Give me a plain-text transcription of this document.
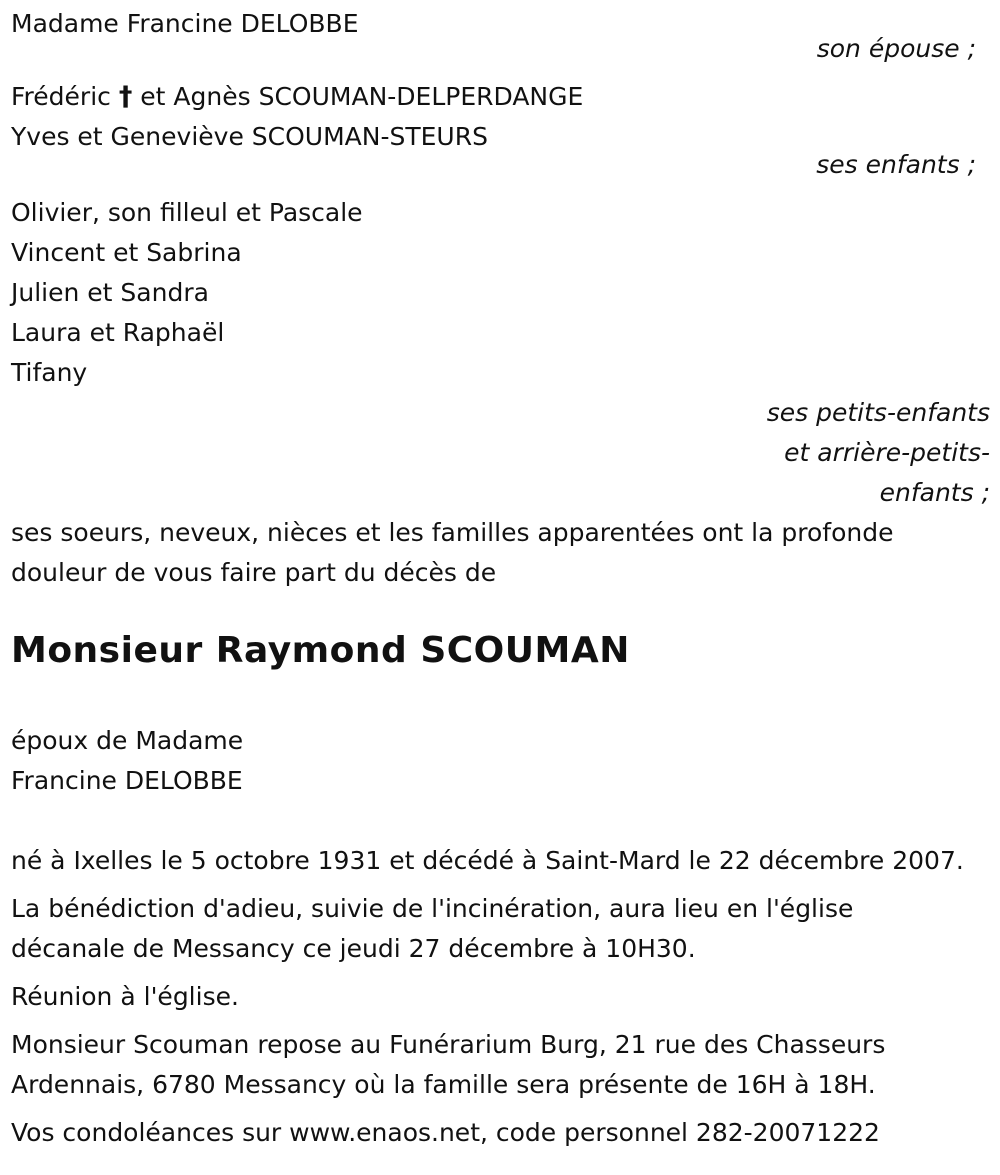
Madame Francine DELOBBE
son épouse ;
Frédéric † et Agnès SCOUMAN-DELPERDANGE
Yves et Geneviève SCOUMAN-STEURS
ses enfants ;
Olivier, son filleul et Pascale
Vincent et Sabrina
Julien et Sandra
Laura et Raphaël
Tifany
ses petits-enfants
et arrière-petits-
enfants ;
ses soeurs, neveux, nièces et les familles apparentées ont la profonde douleur de vous faire part du décès de
Monsieur Raymond SCOUMAN
époux de Madame
Francine DELOBBE
né à Ixelles le 5 octobre 1931 et décédé à Saint-Mard le 22 décembre 2007.
La bénédiction d'adieu, suivie de l'incinération, aura lieu en l'église décanale de Messancy ce jeudi 27 décembre à 10H30.
Réunion à l'église.
Monsieur Scouman repose au Funérarium Burg, 21 rue des Chasseurs Ardennais, 6780 Messancy où la famille sera présente de 16H à 18H.
Vos condoléances sur www.enaos.net, code personnel 282-20071222
